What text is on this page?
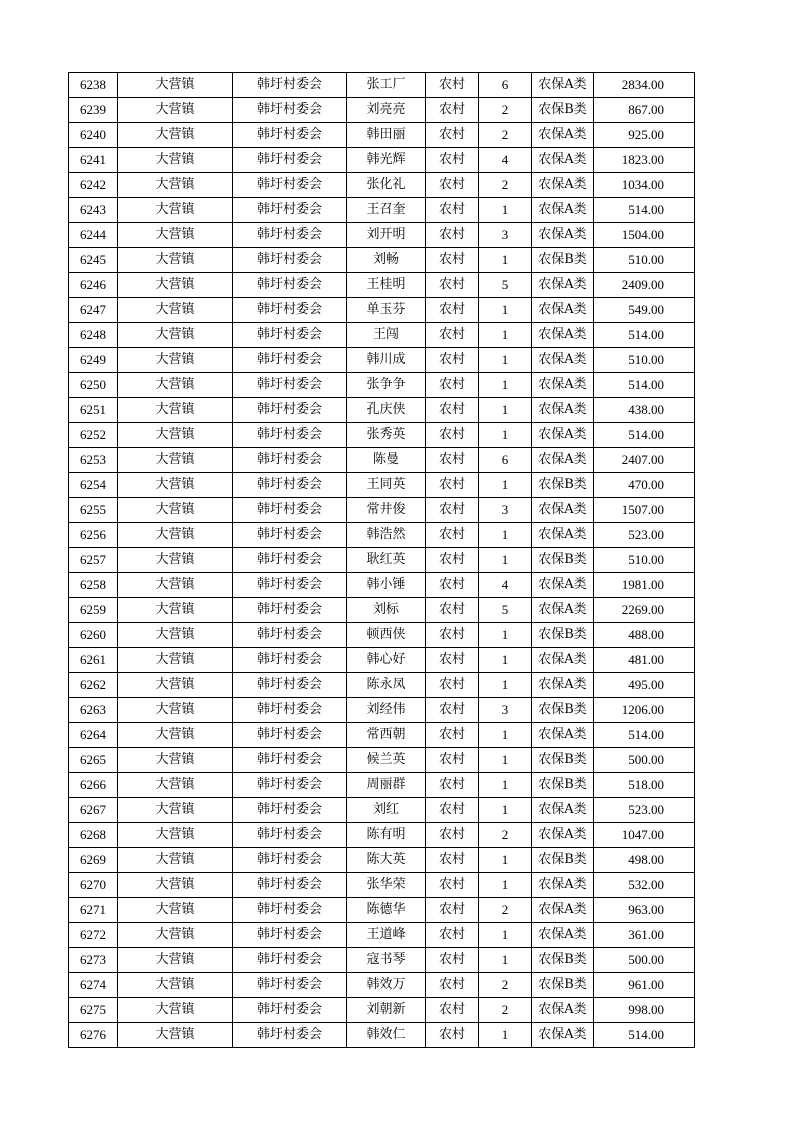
6238	大营镇	韩圩村委会	张工厂	农村	6	农保A类	2834.00
6239	大营镇	韩圩村委会	刘亮亮	农村	2	农保B类	867.00
6240	大营镇	韩圩村委会	韩田丽	农村	2	农保A类	925.00
6241	大营镇	韩圩村委会	韩光辉	农村	4	农保A类	1823.00
6242	大营镇	韩圩村委会	张化礼	农村	2	农保A类	1034.00
6243	大营镇	韩圩村委会	王召奎	农村	1	农保A类	514.00
6244	大营镇	韩圩村委会	刘开明	农村	3	农保A类	1504.00
6245	大营镇	韩圩村委会	刘畅	农村	1	农保B类	510.00
6246	大营镇	韩圩村委会	王桂明	农村	5	农保A类	2409.00
6247	大营镇	韩圩村委会	单玉芬	农村	1	农保A类	549.00
6248	大营镇	韩圩村委会	王闯	农村	1	农保A类	514.00
6249	大营镇	韩圩村委会	韩川成	农村	1	农保A类	510.00
6250	大营镇	韩圩村委会	张争争	农村	1	农保A类	514.00
6251	大营镇	韩圩村委会	孔庆侠	农村	1	农保A类	438.00
6252	大营镇	韩圩村委会	张秀英	农村	1	农保A类	514.00
6253	大营镇	韩圩村委会	陈曼	农村	6	农保A类	2407.00
6254	大营镇	韩圩村委会	王同英	农村	1	农保B类	470.00
6255	大营镇	韩圩村委会	常井俊	农村	3	农保A类	1507.00
6256	大营镇	韩圩村委会	韩浩然	农村	1	农保A类	523.00
6257	大营镇	韩圩村委会	耿红英	农村	1	农保B类	510.00
6258	大营镇	韩圩村委会	韩小锤	农村	4	农保A类	1981.00
6259	大营镇	韩圩村委会	刘标	农村	5	农保A类	2269.00
6260	大营镇	韩圩村委会	顿西侠	农村	1	农保B类	488.00
6261	大营镇	韩圩村委会	韩心好	农村	1	农保A类	481.00
6262	大营镇	韩圩村委会	陈永凤	农村	1	农保A类	495.00
6263	大营镇	韩圩村委会	刘经伟	农村	3	农保B类	1206.00
6264	大营镇	韩圩村委会	常西朝	农村	1	农保A类	514.00
6265	大营镇	韩圩村委会	候兰英	农村	1	农保B类	500.00
6266	大营镇	韩圩村委会	周丽群	农村	1	农保B类	518.00
6267	大营镇	韩圩村委会	刘红	农村	1	农保A类	523.00
6268	大营镇	韩圩村委会	陈有明	农村	2	农保A类	1047.00
6269	大营镇	韩圩村委会	陈大英	农村	1	农保B类	498.00
6270	大营镇	韩圩村委会	张华荣	农村	1	农保A类	532.00
6271	大营镇	韩圩村委会	陈德华	农村	2	农保A类	963.00
6272	大营镇	韩圩村委会	王道峰	农村	1	农保A类	361.00
6273	大营镇	韩圩村委会	寇书琴	农村	1	农保B类	500.00
6274	大营镇	韩圩村委会	韩效万	农村	2	农保B类	961.00
6275	大营镇	韩圩村委会	刘朝新	农村	2	农保A类	998.00
6276	大营镇	韩圩村委会	韩效仁	农村	1	农保A类	514.00
